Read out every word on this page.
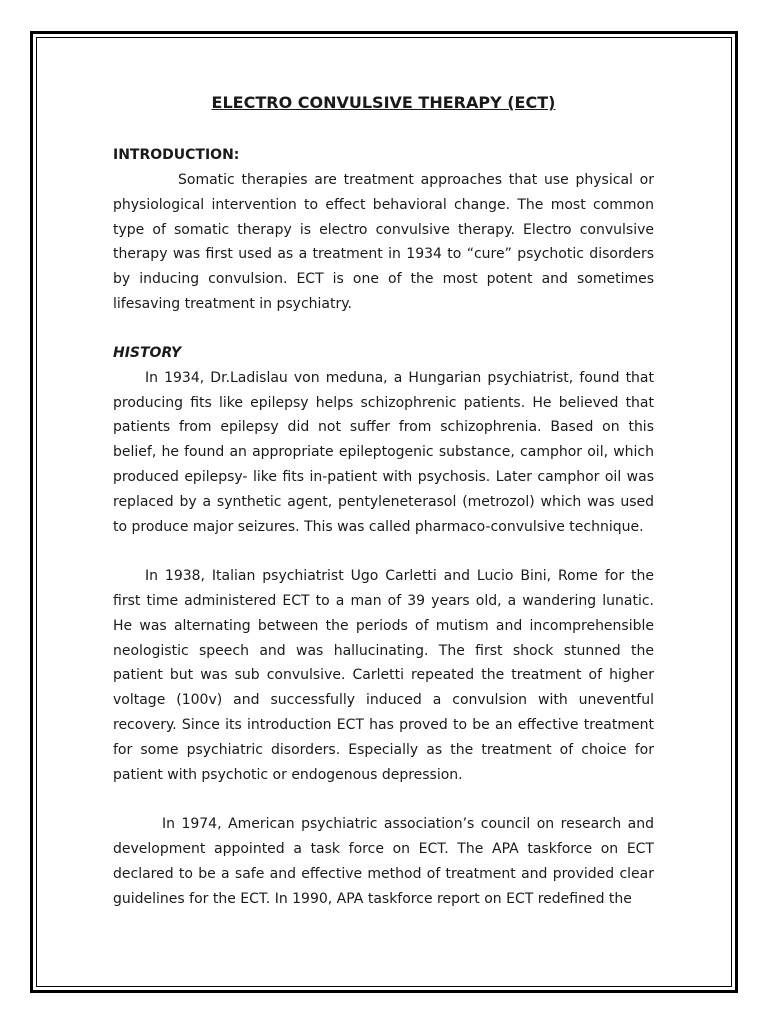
ELECTRO CONVULSIVE THERAPY (ECT)
INTRODUCTION:

Somatic therapies are treatment approaches that use physical or physiological intervention to effect behavioral change. The most common type of somatic therapy is electro convulsive therapy. Electro convulsive therapy was first used as a treatment in 1934 to “cure” psychotic disorders by inducing convulsion. ECT is one of the most potent and sometimes lifesaving treatment in psychiatry.

HISTORY

In 1934, Dr.Ladislau von meduna, a Hungarian psychiatrist, found that producing fits like epilepsy helps schizophrenic patients. He believed that patients from epilepsy did not suffer from schizophrenia. Based on this belief, he found an appropriate epileptogenic substance, camphor oil, which produced epilepsy- like fits in-patient with psychosis. Later camphor oil was replaced by a synthetic agent, pentyleneterasol (metrozol) which was used to produce major seizures. This was called pharmaco-convulsive technique.

In 1938, Italian psychiatrist Ugo Carletti and Lucio Bini, Rome for the first time administered ECT to a man of 39 years old, a wandering lunatic. He was alternating between the periods of mutism and incomprehensible neologistic speech and was hallucinating. The first shock stunned the patient but was sub convulsive. Carletti repeated the treatment of higher voltage (100v) and successfully induced a convulsion with uneventful recovery. Since its introduction ECT has proved to be an effective treatment for some psychiatric disorders. Especially as the treatment of choice for patient with psychotic or endogenous depression.

In 1974, American psychiatric association’s council on research and development appointed a task force on ECT. The APA taskforce on ECT declared to be a safe and effective method of treatment and provided clear guidelines for the ECT. In 1990, APA taskforce report on ECT redefined the
